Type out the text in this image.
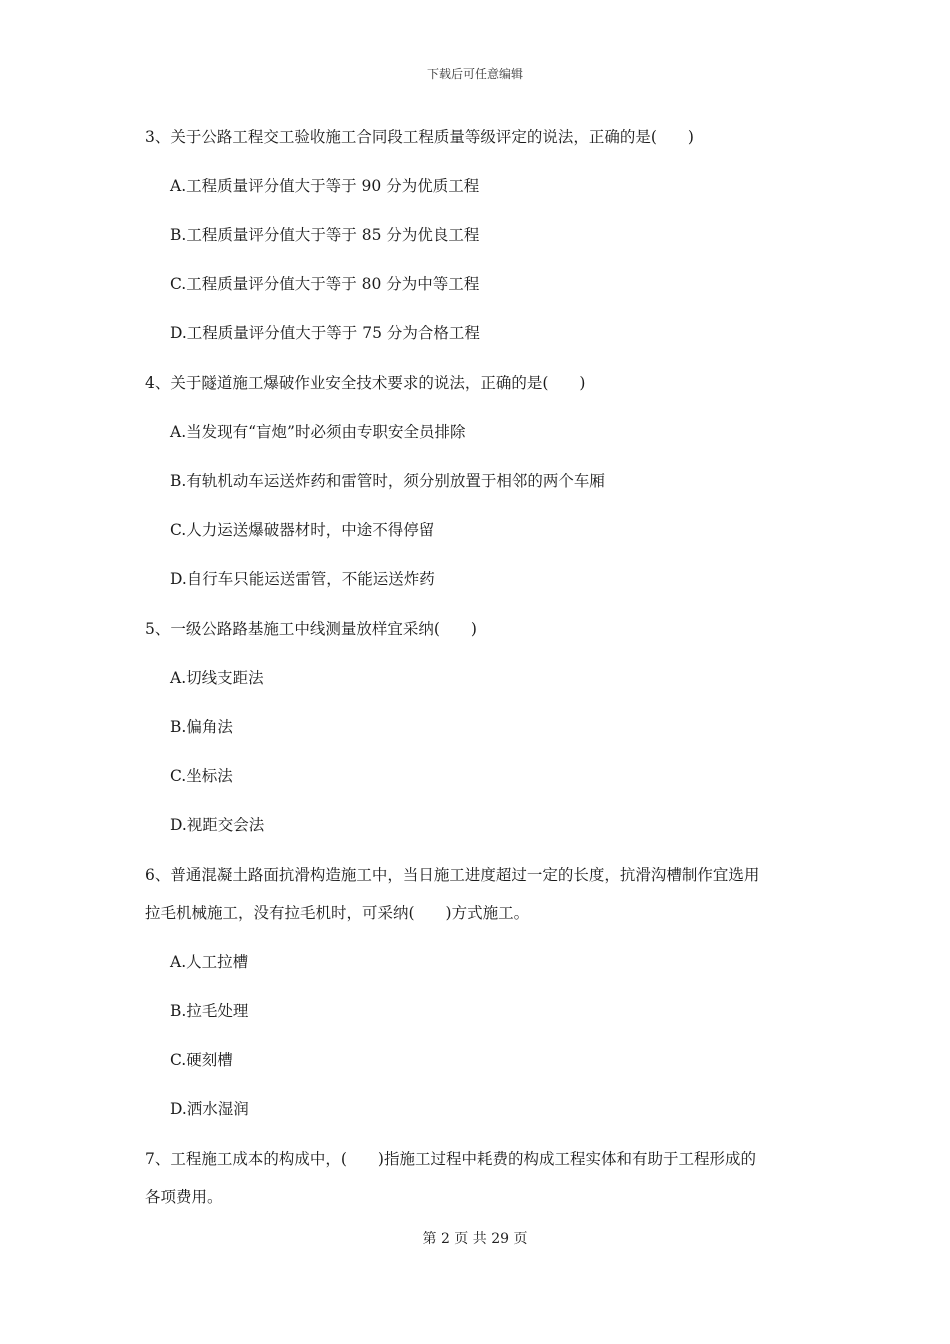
下载后可任意编辑
3、关于公路工程交工验收施工合同段工程质量等级评定的说法，正确的是(　　)
A.工程质量评分值大于等于 90 分为优质工程
B.工程质量评分值大于等于 85 分为优良工程
C.工程质量评分值大于等于 80 分为中等工程
D.工程质量评分值大于等于 75 分为合格工程
4、关于隧道施工爆破作业安全技术要求的说法，正确的是(　　)
A.当发现有“盲炮”时必须由专职安全员排除
B.有轨机动车运送炸药和雷管时，须分别放置于相邻的两个车厢
C.人力运送爆破器材时，中途不得停留
D.自行车只能运送雷管，不能运送炸药
5、一级公路路基施工中线测量放样宜采纳(　　)
A.切线支距法
B.偏角法
C.坐标法
D.视距交会法
6、普通混凝土路面抗滑构造施工中，当日施工进度超过一定的长度，抗滑沟槽制作宜选用
拉毛机械施工，没有拉毛机时，可采纳(　　)方式施工。
A.人工拉槽
B.拉毛处理
C.硬刻槽
D.洒水湿润
7、工程施工成本的构成中，(　　)指施工过程中耗费的构成工程实体和有助于工程形成的
各项费用。
第 2 页 共 29 页
